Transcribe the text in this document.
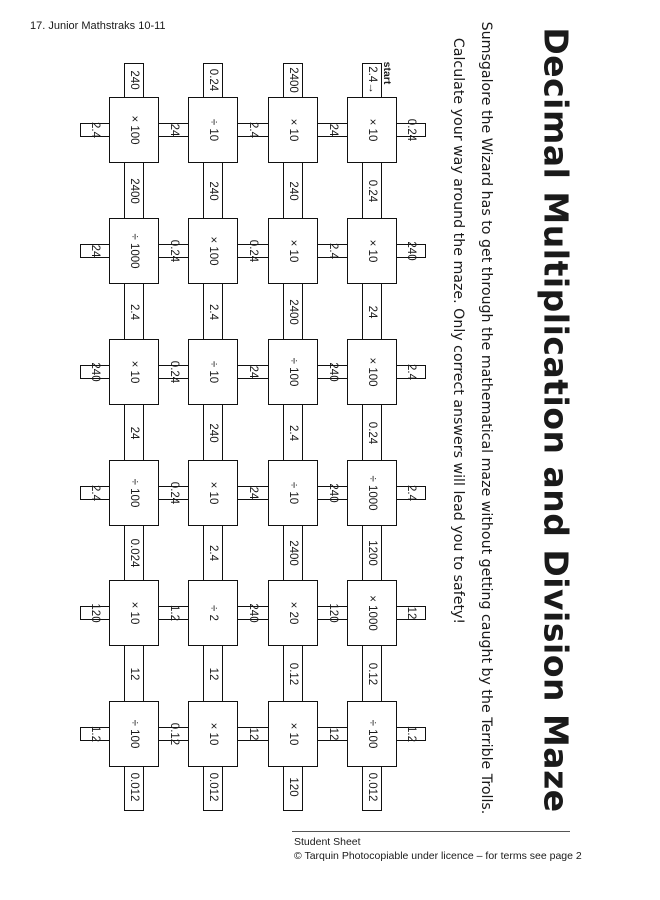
17. Junior Mathstraks 10-11
Decimal Multiplication and Division Maze
Sumsgalore the Wizard has to get through the mathematical maze without getting caught by the Terrible Trolls.
Calculate your way around the maze. Only correct answers will lead you to safety!
× 10
× 10
× 100
÷ 1000
× 1000
÷ 100
× 10
× 10
÷ 100
÷ 10
× 20
× 10
÷ 10
× 100
÷ 10
× 10
÷ 2
× 10
× 100
÷ 1000
× 10
÷ 100
× 10
÷ 100
2.4→
2400
0.24
240	start
0.012
120
0.012
0.012
0.24
24
0.24
1200
0.12
240
2400
2.4
2400
0.12
240
2.4
240
2.4
12
2400
2.4
24
0.024
12
0.24
240
2.4
2.4
12
1.2
24
2.4
240
240
120
12
2.4
0.24
24
24
240
12
24
0.24
0.24
0.24
1.2
0.12
2.4
24
240
2.4
120
1.2
Student Sheet
© Tarquin Photocopiable under licence – for terms see page 2
